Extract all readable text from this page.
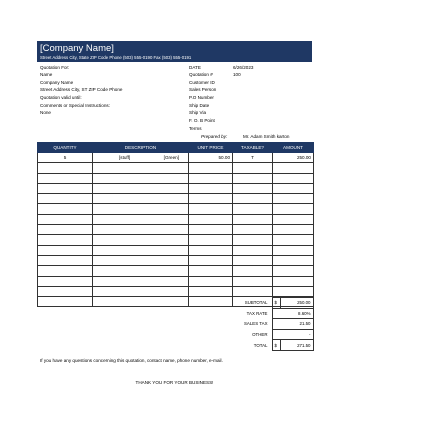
[Company Name]
Street Address City, State ZIP Code Phone (503) 555-0190 Fax (503) 555-0191
Quotation For:
Name
Company Name
Street Address City, ST ZIP Code Phone
Quotation valid until:
Comments or Special Instructions:
None
DATE	6/26/2023
Quotation #	100
Customer ID
Sales Person
P.O Number
Ship Date
Ship Via
F. O. B Point
Terms
Prepared by:	Mr. Adam Smith karton
QUANTITY	DESCRIPTION	UNIT PRICE	TAXABLE?	AMOUNT
5	[stuff] [Green]	50.00	T	250.00

SUBTOTAL	$	250.00
TAX RATE	8.60%	
SALES TAX	21.50	
OTHER	-	
TOTAL	$	271.50
If you have any questions concerning this quotation, contact name, phone number, e-mail.
THANK YOU FOR YOUR BUSINESS!
